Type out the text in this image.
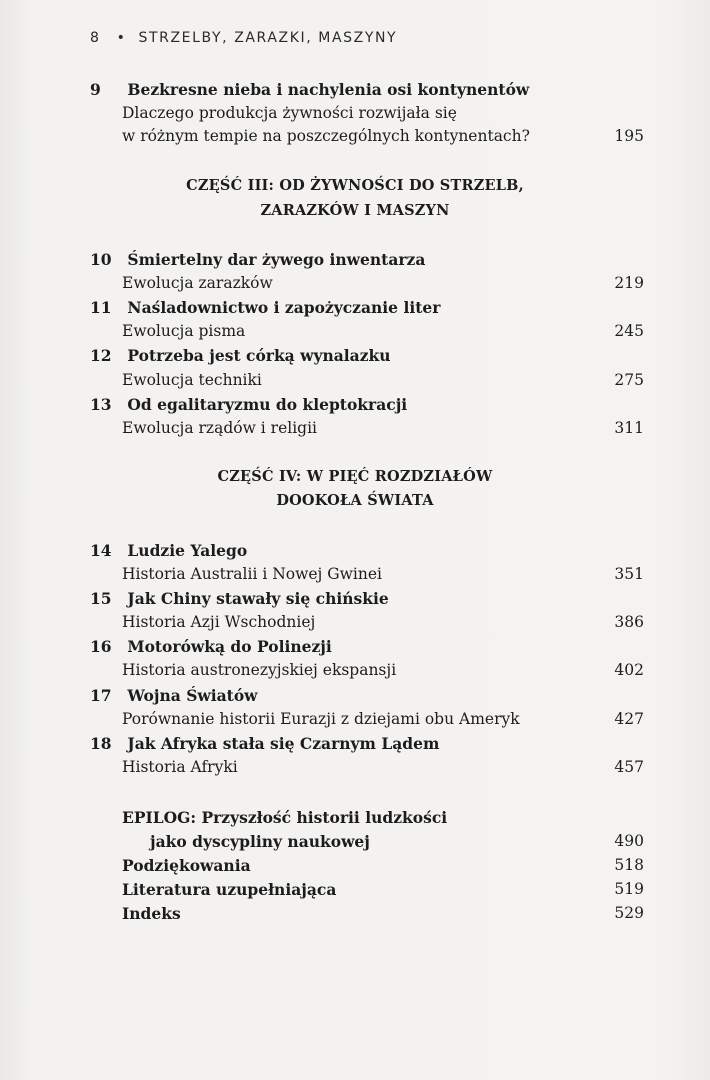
8 • STRZELBY, ZARAZKI, MASZYNY
9 Bezkresne nieba i nachylenia osi kontynentów
Dlaczego produkcja żywności rozwijała się
w różnym tempie na poszczególnych kontynentach?	195
CZĘŚĆ III: OD ŻYWNOŚCI DO STRZELB,
ZARAZKÓW I MASZYN
10 Śmiertelny dar żywego inwentarza
Ewolucja zarazków	219
11 Naśladownictwo i zapożyczanie liter
Ewolucja pisma	245
12 Potrzeba jest córką wynalazku
Ewolucja techniki	275
13 Od egalitaryzmu do kleptokracji
Ewolucja rządów i religii	311
CZĘŚĆ IV: W PIĘĆ ROZDZIAŁÓW
DOOKOŁA ŚWIATA
14 Ludzie Yalego
Historia Australii i Nowej Gwinei	351
15 Jak Chiny stawały się chińskie
Historia Azji Wschodniej	386
16 Motorówką do Polinezji
Historia austronezyjskiej ekspansji	402
17 Wojna Światów
Porównanie historii Eurazji z dziejami obu Ameryk	427
18 Jak Afryka stała się Czarnym Lądem
Historia Afryki	457
EPILOG: Przyszłość historii ludzkości
jako dyscypliny naukowej	490
Podziękowania	518
Literatura uzupełniająca	519
Indeks	529
